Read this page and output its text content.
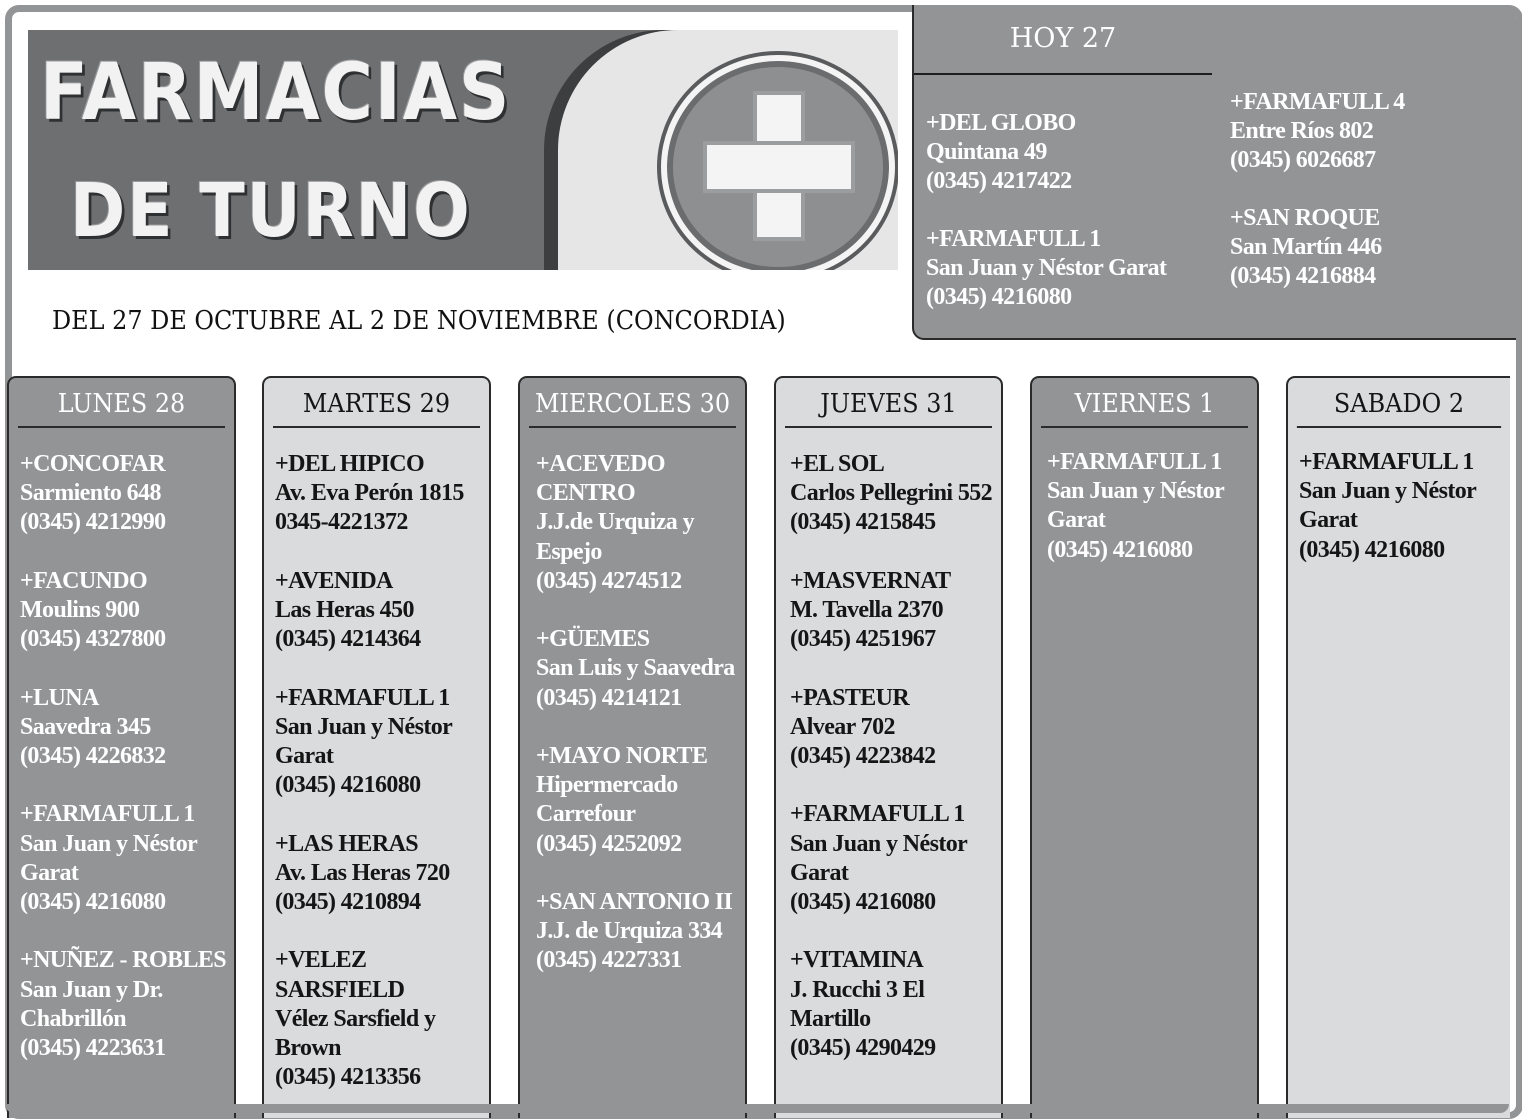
FARMACIAS
DE TURNO
DEL 27 DE OCTUBRE AL 2 DE NOVIEMBRE (CONCORDIA)
HOY 27
+DEL GLOBO
Quintana 49
(0345) 4217422
+FARMAFULL 1
San Juan y Néstor Garat
(0345) 4216080
+FARMAFULL 4
Entre Ríos 802
(0345) 6026687
+SAN ROQUE
San Martín 446
(0345) 4216884
LUNES 28
+CONCOFAR
Sarmiento 648
(0345) 4212990
+FACUNDO
Moulins 900
(0345) 4327800
+LUNA
Saavedra 345
(0345) 4226832
+FARMAFULL 1
San Juan y Néstor Garat
(0345) 4216080
+NUÑEZ - ROBLES
San Juan y Dr. Chabrillón
(0345) 4223631
MARTES 29
+DEL HIPICO
Av. Eva Perón 1815
0345-4221372
+AVENIDA
Las Heras 450
(0345) 4214364
+FARMAFULL 1
San Juan y Néstor Garat
(0345) 4216080
+LAS HERAS
Av. Las Heras 720
(0345) 4210894
+VELEZ SARSFIELD
Vélez Sarsfield y Brown
(0345) 4213356
MIERCOLES 30
+ACEVEDO CENTRO
J.J.de Urquiza y Espejo
(0345) 4274512
+GÜEMES
San Luis y Saavedra
(0345) 4214121
+MAYO NORTE
Hipermercado Carrefour
(0345) 4252092
+SAN ANTONIO II
J.J. de Urquiza 334
(0345) 4227331
JUEVES 31
+EL SOL
Carlos Pellegrini 552
(0345) 4215845
+MASVERNAT
M. Tavella 2370
(0345) 4251967
+PASTEUR
Alvear 702
(0345) 4223842
+FARMAFULL 1
San Juan y Néstor Garat
(0345) 4216080
+VITAMINA
J. Rucchi 3 El Martillo
(0345) 4290429
VIERNES 1
+FARMAFULL 1
San Juan y Néstor Garat
(0345) 4216080
SABADO 2
+FARMAFULL 1
San Juan y Néstor Garat
(0345) 4216080
